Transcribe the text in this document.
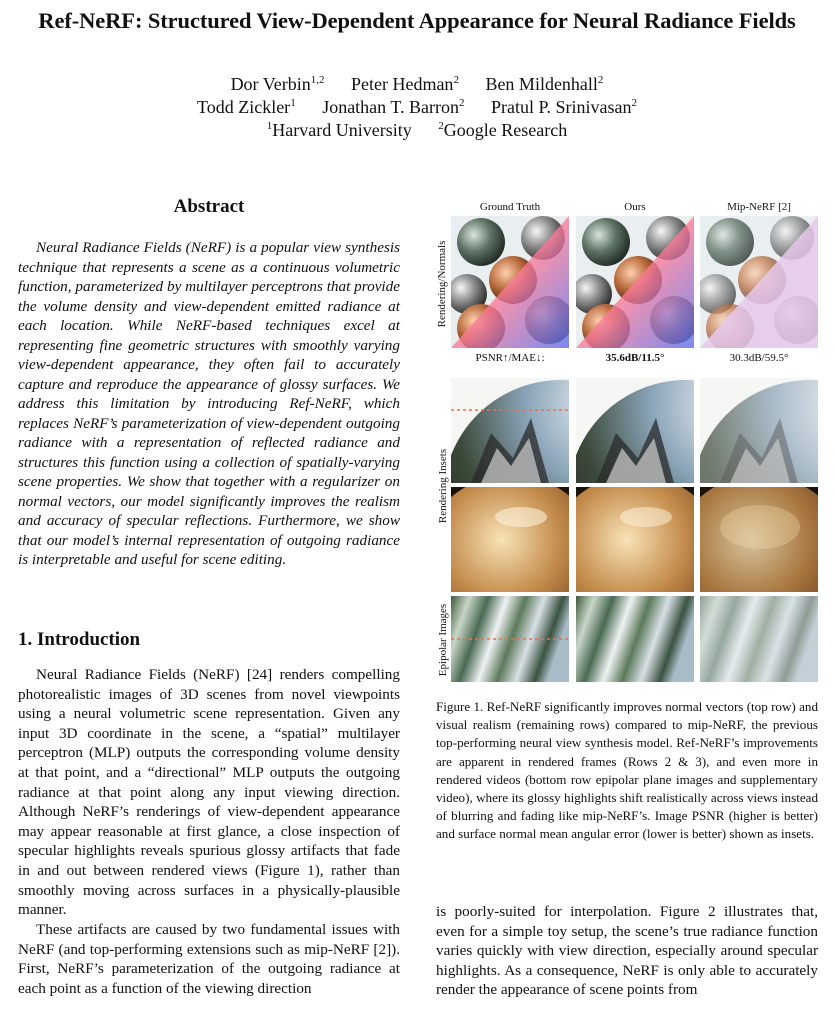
Ref-NeRF: Structured View-Dependent Appearance for Neural Radiance Fields
Dor Verbin$^{1,2}$ Peter Hedman$^2$ Ben Mildenhall$^2$
Todd Zickler$^1$ Jonathan T. Barron$^2$ Pratul P. Srinivasan$^2$
$^1$Harvard University $^2$Google Research
Abstract

Neural Radiance Fields (NeRF) is a popular view synthesis technique that represents a scene as a continuous volumetric function, parameterized by multilayer perceptrons that provide the volume density and view-dependent emitted radiance at each location. While NeRF-based techniques excel at representing fine geometric structures with smoothly varying view-dependent appearance, they often fail to accurately capture and reproduce the appearance of glossy surfaces. We address this limitation by introducing Ref-NeRF, which replaces NeRF’s parameterization of view-dependent outgoing radiance with a representation of reflected radiance and structures this function using a collection of spatially-varying scene properties. We show that together with a regularizer on normal vectors, our model significantly improves the realism and accuracy of specular reflections. Furthermore, we show that our model’s internal representation of outgoing radiance is interpretable and useful for scene editing.

1. Introduction

Neural Radiance Fields (NeRF) [24] renders compelling photorealistic images of 3D scenes from novel viewpoints using a neural volumetric scene representation. Given any input 3D coordinate in the scene, a “spatial” multilayer perceptron (MLP) outputs the corresponding volume density at that point, and a “directional” MLP outputs the outgoing radiance at that point along any input viewing direction. Although NeRF’s renderings of view-dependent appearance may appear reasonable at first glance, a close inspection of specular highlights reveals spurious glossy artifacts that fade in and out between rendered views (Figure 1), rather than smoothly moving across surfaces in a physically-plausible manner.

These artifacts are caused by two fundamental issues with NeRF (and top-performing extensions such as mip-NeRF [2]). First, NeRF’s parameterization of the outgoing radiance at each point as a function of the viewing direction

is poorly-suited for interpolation. Figure 2 illustrates that, even for a simple toy setup, the scene’s true radiance function varies quickly with view direction, especially around specular highlights. As a consequence, NeRF is only able to accurately render the appearance of scene points from

Ground Truth	Ours	Mip-NeRF [2]
Rendering/Normals
Rendering Insets
Epipolar Images
PSNR↑/MAE↓:	35.6dB/11.5°	30.3dB/59.5°

Figure 1. Ref-NeRF significantly improves normal vectors (top row) and visual realism (remaining rows) compared to mip-NeRF, the previous top-performing neural view synthesis model. Ref-NeRF’s improvements are apparent in rendered frames (Rows 2 & 3), and even more in rendered videos (bottom row epipolar plane images and supplementary video), where its glossy highlights shift realistically across views instead of blurring and fading like mip-NeRF’s. Image PSNR (higher is better) and surface normal mean angular error (lower is better) shown as insets.
